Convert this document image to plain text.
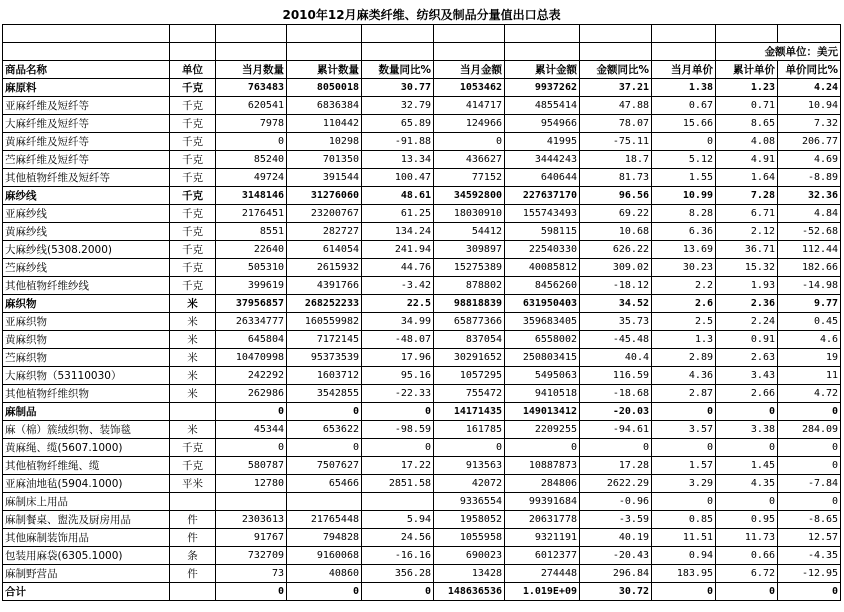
2010年12月麻类纤维、纺织及制品分量值出口总表										

									金额单位：美元	
商品名称	单位	当月数量	累计数量	数量同比%	当月金额	累计金额	金额同比%	当月单价	累计单价	单价同比%
麻原料	千克	763483	8050018	30.77	1053462	9937262	37.21	1.38	1.23	4.24
亚麻纤维及短纤等	千克	620541	6836384	32.79	414717	4855414	47.88	0.67	0.71	10.94
大麻纤维及短纤等	千克	7978	110442	65.89	124966	954966	78.07	15.66	8.65	7.32
黄麻纤维及短纤等	千克	0	10298	-91.88	0	41995	-75.11	0	4.08	206.77
苎麻纤维及短纤等	千克	85240	701350	13.34	436627	3444243	18.7	5.12	4.91	4.69
其他植物纤维及短纤等	千克	49724	391544	100.47	77152	640644	81.73	1.55	1.64	-8.89
麻纱线	千克	3148146	31276060	48.61	34592800	227637170	96.56	10.99	7.28	32.36
亚麻纱线	千克	2176451	23200767	61.25	18030910	155743493	69.22	8.28	6.71	4.84
黄麻纱线	千克	8551	282727	134.24	54412	598115	10.68	6.36	2.12	-52.68
大麻纱线(5308.2000)	千克	22640	614054	241.94	309897	22540330	626.22	13.69	36.71	112.44
苎麻纱线	千克	505310	2615932	44.76	15275389	40085812	309.02	30.23	15.32	182.66
其他植物纤维纱线	千克	399619	4391766	-3.42	878802	8456260	-18.12	2.2	1.93	-14.98
麻织物	米	37956857	268252233	22.5	98818839	631950403	34.52	2.6	2.36	9.77
亚麻织物	米	26334777	160559982	34.99	65877366	359683405	35.73	2.5	2.24	0.45
黄麻织物	米	645804	7172145	-48.07	837054	6558002	-45.48	1.3	0.91	4.6
苎麻织物	米	10470998	95373539	17.96	30291652	250803415	40.4	2.89	2.63	19
大麻织物（53110030）	米	242292	1603712	95.16	1057295	5495063	116.59	4.36	3.43	11
其他植物纤维织物	米	262986	3542855	-22.33	755472	9410518	-18.68	2.87	2.66	4.72
麻制品		0	0	0	14171435	149013412	-20.03	0	0	0
麻（棉）簇绒织物、装饰毯	米	45344	653622	-98.59	161785	2209255	-94.61	3.57	3.38	284.09
黄麻绳、缆(5607.1000)	千克	0	0	0	0	0	0	0	0	0
其他植物纤维绳、缆	千克	580787	7507627	17.22	913563	10887873	17.28	1.57	1.45	0
亚麻油地毡(5904.1000)	平米	12780	65466	2851.58	42072	284806	2622.29	3.29	4.35	-7.84
麻制床上用品					9336554	99391684	-0.96	0	0	0
麻制餐桌、盥洗及厨房用品	件	2303613	21765448	5.94	1958052	20631778	-3.59	0.85	0.95	-8.65
其他麻制装饰用品	件	91767	794828	24.56	1055958	9321191	40.19	11.51	11.73	12.57
包装用麻袋(6305.1000)	条	732709	9160068	-16.16	690023	6012377	-20.43	0.94	0.66	-4.35
麻制野营品	件	73	40860	356.28	13428	274448	296.84	183.95	6.72	-12.95
合计		0	0	0	148636536	1.019E+09	30.72	0	0	0
